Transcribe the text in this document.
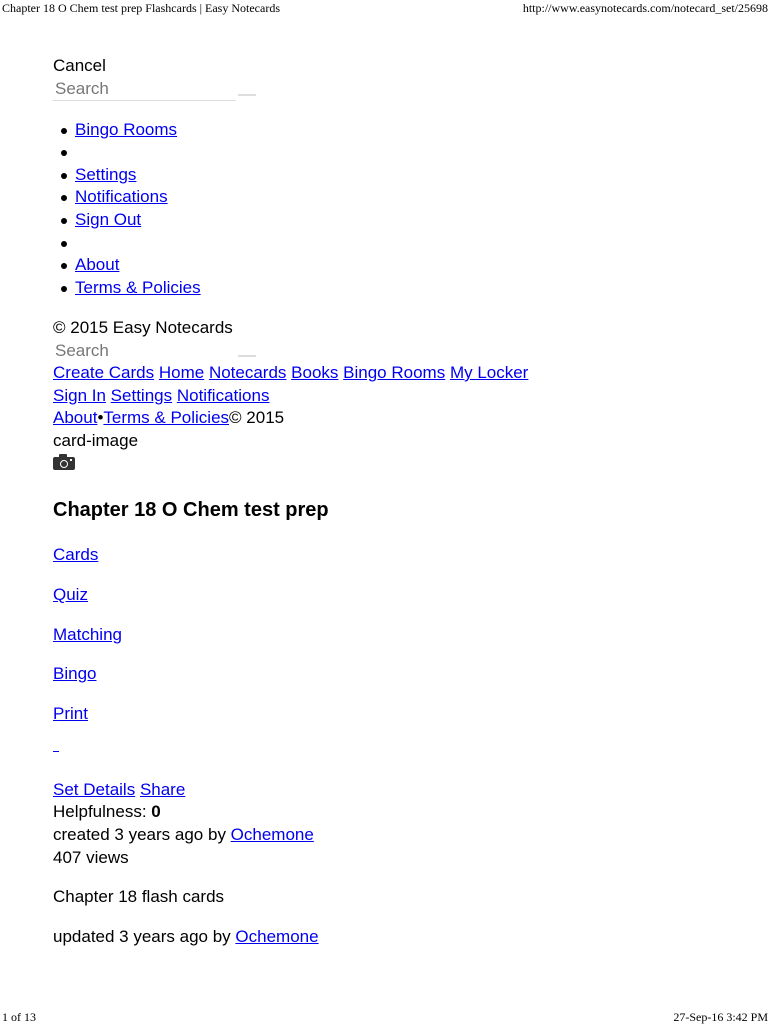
Chapter 18 O Chem test prep Flashcards | Easy Notecards	http://www.easynotecards.com/notecard_set/25698
Cancel
Search
Bingo Rooms
Settings
Notifications
Sign Out
About
Terms & Policies
© 2015 Easy Notecards
Search
Create Cards Home Notecards Books Bingo Rooms My Locker
Sign In Settings Notifications
About•Terms & Policies© 2015
card-image
Chapter 18 O Chem test prep
Cards
Quiz
Matching
Bingo
Print
Set Details Share
Helpfulness: 0
created 3 years ago by Ochemone
407 views
Chapter 18 flash cards
updated 3 years ago by Ochemone
1 of 13	27-Sep-16 3:42 PM
